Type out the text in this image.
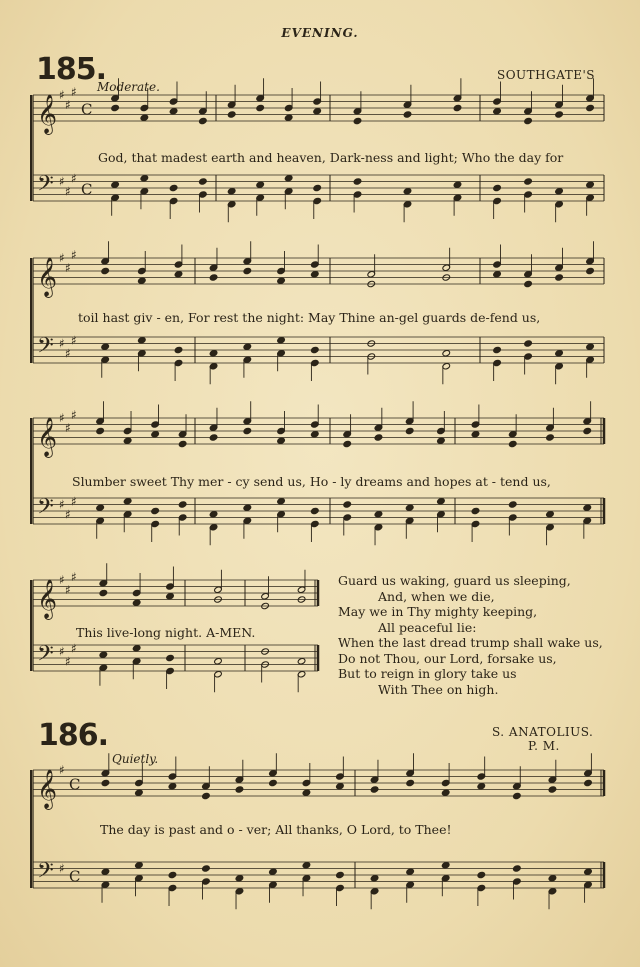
EVENING.
185.
Moderate.
SOUTHGATE'S
𝄞
𝄢
♯
♯
♯
♯
♯
♯
C
C
𝄞
𝄢
♯
♯
♯
♯
♯
♯
𝄞
𝄢
♯
♯
♯
♯
♯
♯
𝄞
𝄢
♯
♯
♯
♯
♯
♯
𝄞
𝄢
♯
♯
C
C
God, that madest earth and heaven, Dark-ness and light; Who the day for
toil hast giv - en, For rest the night: May Thine an-gel guards de-fend us,
Slumber sweet Thy mer - cy send us, Ho - ly dreams and hopes at - tend us,
This live-long night. A-MEN.
Guard us waking, guard us sleeping,
And, when we die,
May we in Thy mighty keeping,
All peaceful lie:
When the last dread trump shall wake us,
Do not Thou, our Lord, forsake us,
But to reign in glory take us
With Thee on high.
186.
Quietly.
S. ANATOLIUS.
P. M.
The day is past and o - ver; All thanks, O Lord, to Thee!
